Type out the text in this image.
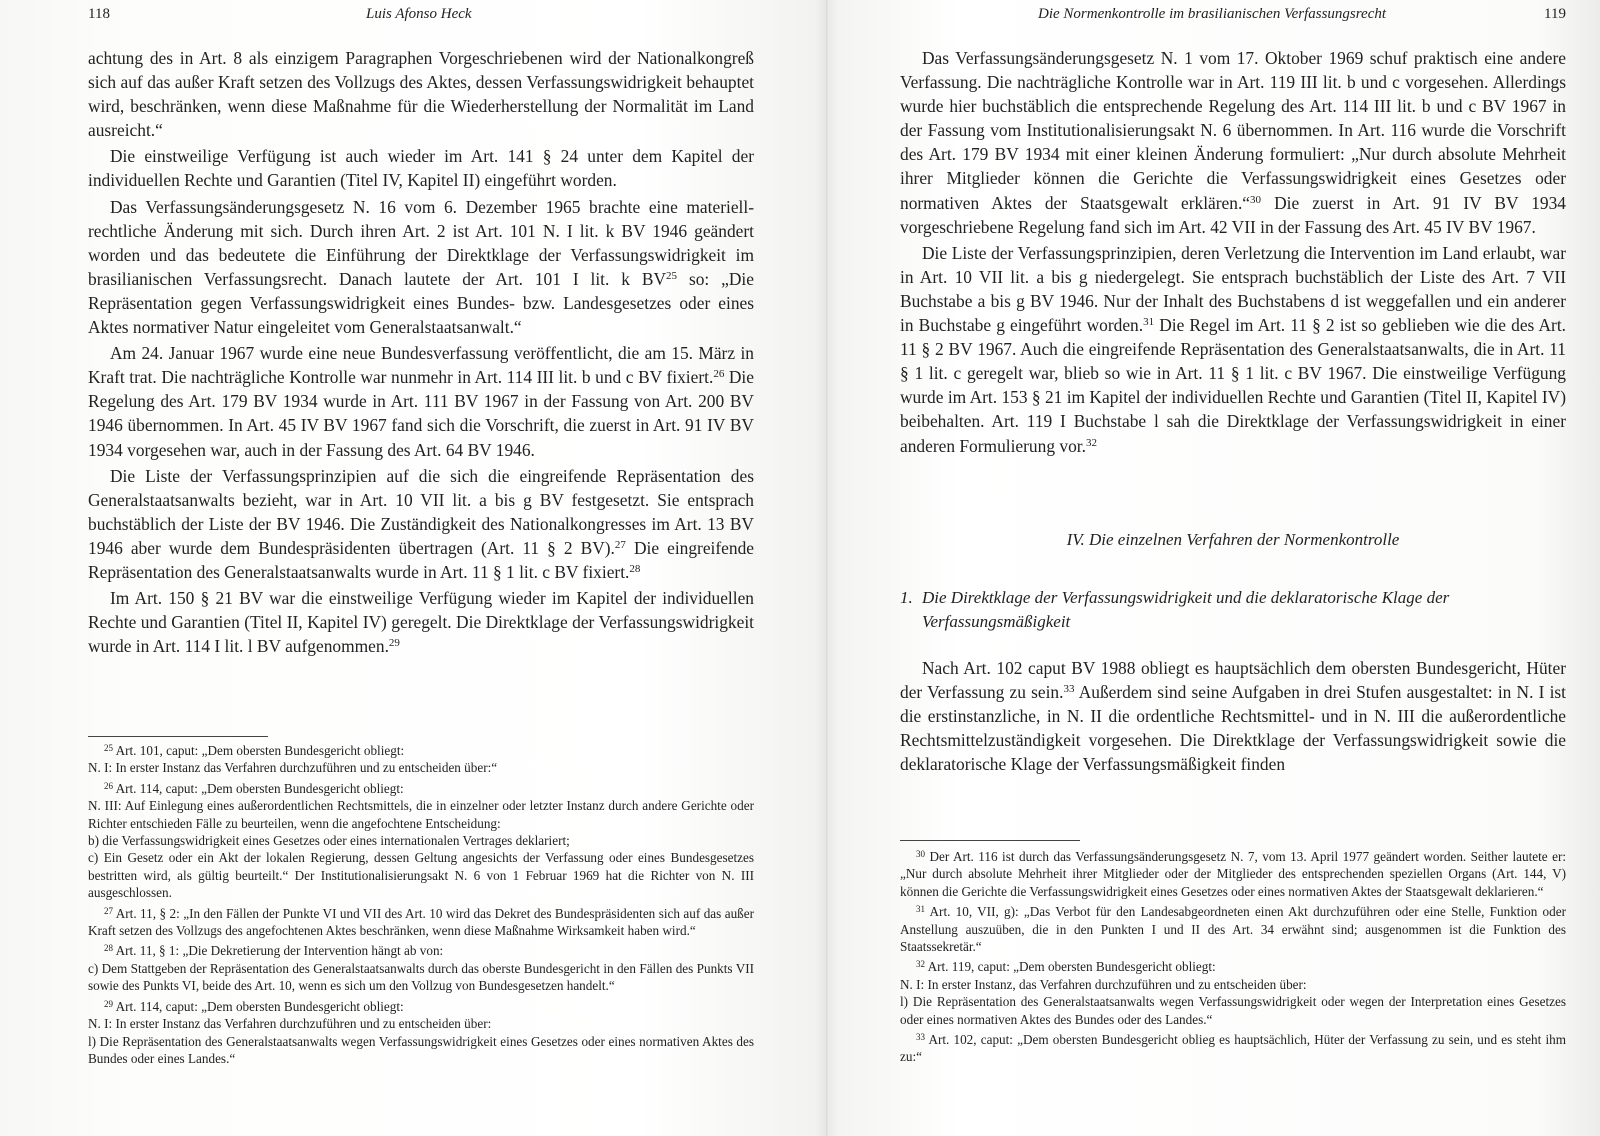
118	Luis Afonso Heck

achtung des in Art. 8 als einzigem Paragraphen Vorgeschriebenen wird der Nationalkongreß sich auf das außer Kraft setzen des Vollzugs des Aktes, dessen Verfassungswidrigkeit behauptet wird, beschränken, wenn diese Maßnahme für die Wiederherstellung der Normalität im Land ausreicht.“

Die einstweilige Verfügung ist auch wieder im Art. 141 § 24 unter dem Kapitel der individuellen Rechte und Garantien (Titel IV, Kapitel II) eingeführt worden.

Das Verfassungsänderungsgesetz N. 16 vom 6. Dezember 1965 brachte eine materiell-rechtliche Änderung mit sich. Durch ihren Art. 2 ist Art. 101 N. I lit. k BV 1946 geändert worden und das bedeutete die Einführung der Direktklage der Verfassungswidrigkeit im brasilianischen Verfassungsrecht. Danach lautete der Art. 101 I lit. k BV$^{25}$ so: „Die Repräsentation gegen Verfassungswidrigkeit eines Bundes- bzw. Landesgesetzes oder eines Aktes normativer Natur eingeleitet vom Generalstaatsanwalt.“

Am 24. Januar 1967 wurde eine neue Bundesverfassung veröffentlicht, die am 15. März in Kraft trat. Die nachträgliche Kontrolle war nunmehr in Art. 114 III lit. b und c BV fixiert.$^{26}$ Die Regelung des Art. 179 BV 1934 wurde in Art. 111 BV 1967 in der Fassung von Art. 200 BV 1946 übernommen. In Art. 45 IV BV 1967 fand sich die Vorschrift, die zuerst in Art. 91 IV BV 1934 vorgesehen war, auch in der Fassung des Art. 64 BV 1946.

Die Liste der Verfassungsprinzipien auf die sich die eingreifende Repräsentation des Generalstaatsanwalts bezieht, war in Art. 10 VII lit. a bis g BV festgesetzt. Sie entsprach buchstäblich der Liste der BV 1946. Die Zuständigkeit des Nationalkongresses im Art. 13 BV 1946 aber wurde dem Bundespräsidenten übertragen (Art. 11 § 2 BV).$^{27}$ Die eingreifende Repräsentation des Generalstaatsanwalts wurde in Art. 11 § 1 lit. c BV fixiert.$^{28}$

Im Art. 150 § 21 BV war die einstweilige Verfügung wieder im Kapitel der individuellen Rechte und Garantien (Titel II, Kapitel IV) geregelt. Die Direktklage der Verfassungswidrigkeit wurde in Art. 114 I lit. l BV aufgenommen.$^{29}$

$^{25}$ Art. 101, caput: „Dem obersten Bundesgericht obliegt:

N. I: In erster Instanz das Verfahren durchzuführen und zu entscheiden über:“

$^{26}$ Art. 114, caput: „Dem obersten Bundesgericht obliegt:

N. III: Auf Einlegung eines außerordentlichen Rechtsmittels, die in einzelner oder letzter Instanz durch andere Gerichte oder Richter entschieden Fälle zu beurteilen, wenn die angefochtene Entscheidung:

b) die Verfassungswidrigkeit eines Gesetzes oder eines internationalen Vertrages deklariert;

c) Ein Gesetz oder ein Akt der lokalen Regierung, dessen Geltung angesichts der Verfassung oder eines Bundesgesetzes bestritten wird, als gültig beurteilt.“ Der Institutionalisierungsakt N. 6 von 1 Februar 1969 hat die Richter von N. III ausgeschlossen.

$^{27}$ Art. 11, § 2: „In den Fällen der Punkte VI und VII des Art. 10 wird das Dekret des Bundespräsidenten sich auf das außer Kraft setzen des Vollzugs des angefochtenen Aktes beschränken, wenn diese Maßnahme Wirksamkeit haben wird.“

$^{28}$ Art. 11, § 1: „Die Dekretierung der Intervention hängt ab von:

c) Dem Stattgeben der Repräsentation des Generalstaatsanwalts durch das oberste Bundesgericht in den Fällen des Punkts VII sowie des Punkts VI, beide des Art. 10, wenn es sich um den Vollzug von Bundesgesetzen handelt.“

$^{29}$ Art. 114, caput: „Dem obersten Bundesgericht obliegt:

N. I: In erster Instanz das Verfahren durchzuführen und zu entscheiden über:

l) Die Repräsentation des Generalstaatsanwalts wegen Verfassungswidrigkeit eines Gesetzes oder eines normativen Aktes des Bundes oder eines Landes.“

Die Normenkontrolle im brasilianischen Verfassungsrecht	119

Das Verfassungsänderungsgesetz N. 1 vom 17. Oktober 1969 schuf praktisch eine andere Verfassung. Die nachträgliche Kontrolle war in Art. 119 III lit. b und c vorgesehen. Allerdings wurde hier buchstäblich die entsprechende Regelung des Art. 114 III lit. b und c BV 1967 in der Fassung vom Institutionalisierungsakt N. 6 übernommen. In Art. 116 wurde die Vorschrift des Art. 179 BV 1934 mit einer kleinen Änderung formuliert: „Nur durch absolute Mehrheit ihrer Mitglieder können die Gerichte die Verfassungswidrigkeit eines Gesetzes oder normativen Aktes der Staatsgewalt erklären.“$^{30}$ Die zuerst in Art. 91 IV BV 1934 vorgeschriebene Regelung fand sich im Art. 42 VII in der Fassung des Art. 45 IV BV 1967.

Die Liste der Verfassungsprinzipien, deren Verletzung die Intervention im Land erlaubt, war in Art. 10 VII lit. a bis g niedergelegt. Sie entsprach buchstäblich der Liste des Art. 7 VII Buchstabe a bis g BV 1946. Nur der Inhalt des Buchstabens d ist weggefallen und ein anderer in Buchstabe g eingeführt worden.$^{31}$ Die Regel im Art. 11 § 2 ist so geblieben wie die des Art. 11 § 2 BV 1967. Auch die eingreifende Repräsentation des Generalstaatsanwalts, die in Art. 11 § 1 lit. c geregelt war, blieb so wie in Art. 11 § 1 lit. c BV 1967. Die einstweilige Verfügung wurde im Art. 153 § 21 im Kapitel der individuellen Rechte und Garantien (Titel II, Kapitel IV) beibehalten. Art. 119 I Buchstabe l sah die Direktklage der Verfassungswidrigkeit in einer anderen Formulierung vor.$^{32}$

IV. Die einzelnen Verfahren der Normenkontrolle

1. Die Direktklage der Verfassungswidrigkeit und die deklaratorische Klage der Verfassungsmäßigkeit

Nach Art. 102 caput BV 1988 obliegt es hauptsächlich dem obersten Bundesgericht, Hüter der Verfassung zu sein.$^{33}$ Außerdem sind seine Aufgaben in drei Stufen ausgestaltet: in N. I ist die erstinstanzliche, in N. II die ordentliche Rechtsmittel- und in N. III die außerordentliche Rechtsmittelzuständigkeit vorgesehen. Die Direktklage der Verfassungswidrigkeit sowie die deklaratorische Klage der Verfassungsmäßigkeit finden

$^{30}$ Der Art. 116 ist durch das Verfassungsänderungsgesetz N. 7, vom 13. April 1977 geändert worden. Seither lautete er: „Nur durch absolute Mehrheit ihrer Mitglieder oder der Mitglieder des entsprechenden speziellen Organs (Art. 144, V) können die Gerichte die Verfassungswidrigkeit eines Gesetzes oder eines normativen Aktes der Staatsgewalt deklarieren.“

$^{31}$ Art. 10, VII, g): „Das Verbot für den Landesabgeordneten einen Akt durchzuführen oder eine Stelle, Funktion oder Anstellung auszuüben, die in den Punkten I und II des Art. 34 erwähnt sind; ausgenommen ist die Funktion des Staatssekretär.“

$^{32}$ Art. 119, caput: „Dem obersten Bundesgericht obliegt:

N. I: In erster Instanz, das Verfahren durchzuführen und zu entscheiden über:

l) Die Repräsentation des Generalstaatsanwalts wegen Verfassungswidrigkeit oder wegen der Interpretation eines Gesetzes oder eines normativen Aktes des Bundes oder des Landes.“

$^{33}$ Art. 102, caput: „Dem obersten Bundesgericht oblieg es hauptsächlich, Hüter der Verfassung zu sein, und es steht ihm zu:“
